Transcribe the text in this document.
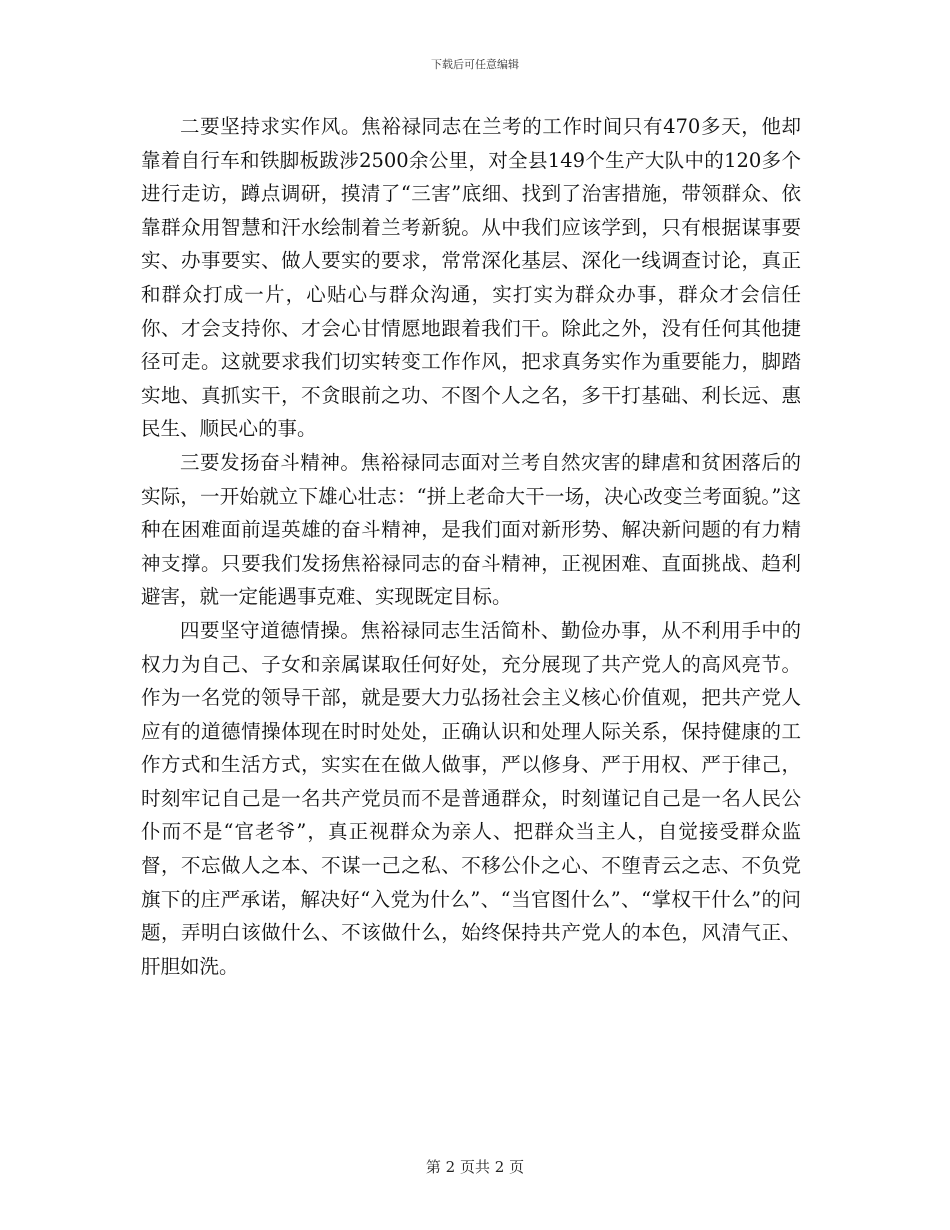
下载后可任意编辑

二要坚持求实作风。焦裕禄同志在兰考的工作时间只有470多天，他却靠着自行车和铁脚板跋涉2500余公里，对全县149个生产大队中的120多个进行走访，蹲点调研，摸清了“三害”底细、找到了治害措施，带领群众、依靠群众用智慧和汗水绘制着兰考新貌。从中我们应该学到，只有根据谋事要实、办事要实、做人要实的要求，常常深化基层、深化一线调查讨论，真正和群众打成一片，心贴心与群众沟通，实打实为群众办事，群众才会信任你、才会支持你、才会心甘情愿地跟着我们干。除此之外，没有任何其他捷径可走。这就要求我们切实转变工作作风，把求真务实作为重要能力，脚踏实地、真抓实干，不贪眼前之功、不图个人之名，多干打基础、利长远、惠民生、顺民心的事。

三要发扬奋斗精神。焦裕禄同志面对兰考自然灾害的肆虐和贫困落后的实际，一开始就立下雄心壮志：“拼上老命大干一场，决心改变兰考面貌。”这种在困难面前逞英雄的奋斗精神，是我们面对新形势、解决新问题的有力精神支撑。只要我们发扬焦裕禄同志的奋斗精神，正视困难、直面挑战、趋利避害，就一定能遇事克难、实现既定目标。

四要坚守道德情操。焦裕禄同志生活简朴、勤俭办事，从不利用手中的权力为自己、子女和亲属谋取任何好处，充分展现了共产党人的高风亮节。作为一名党的领导干部，就是要大力弘扬社会主义核心价值观，把共产党人应有的道德情操体现在时时处处，正确认识和处理人际关系，保持健康的工作方式和生活方式，实实在在做人做事，严以修身、严于用权、严于律己，时刻牢记自己是一名共产党员而不是普通群众，时刻谨记自己是一名人民公仆而不是“官老爷”，真正视群众为亲人、把群众当主人，自觉接受群众监督，不忘做人之本、不谋一己之私、不移公仆之心、不堕青云之志、不负党旗下的庄严承诺，解决好“入党为什么”、“当官图什么”、“掌权干什么”的问题，弄明白该做什么、不该做什么，始终保持共产党人的本色，风清气正、肝胆如洗。

第 2 页共 2 页
